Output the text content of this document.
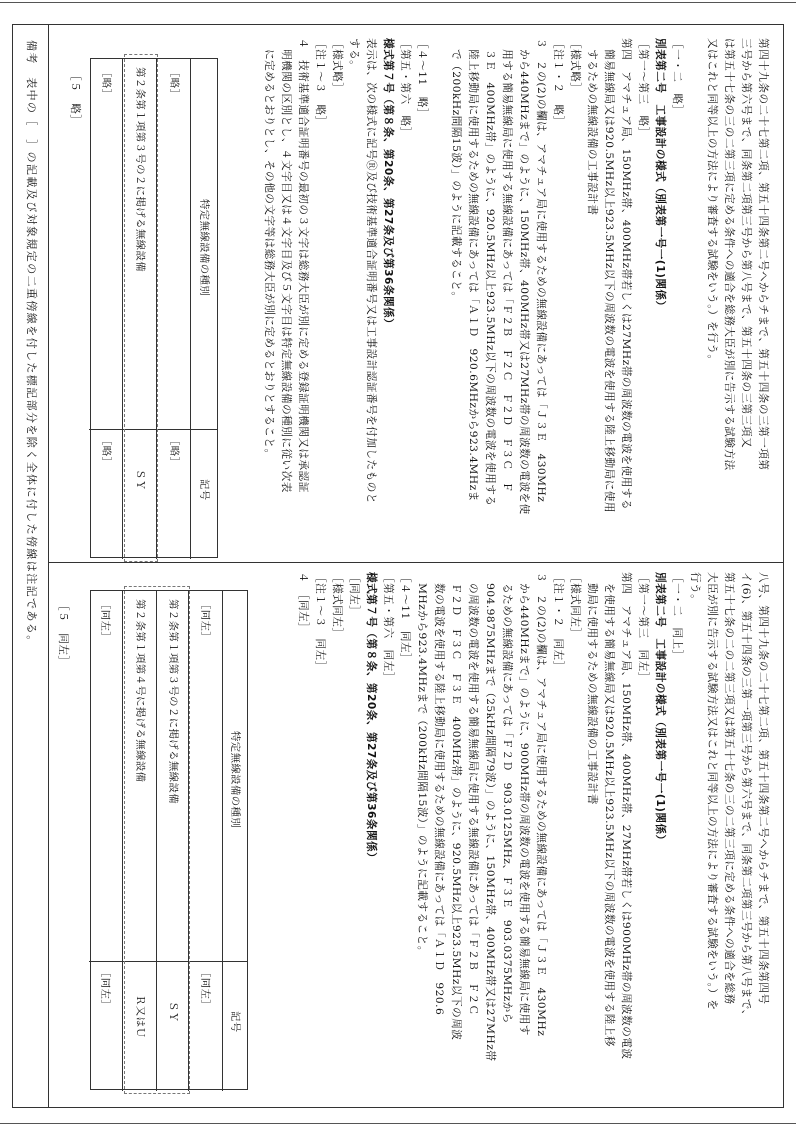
備考　表中の［　］の記載及び対象規定の二重傍線を付した標記部分を除く全体に付した傍線は注記である。	第四十九条の二十七第二項、第五十四条第二号ヘからチまで、第五十四条の三第一項第
三号から第六号まで、同条第二項第三号から第八号まで、第五十四条の三第三項又
は第五十七条の三の二第三項に定める条件への適合を総務大臣が別に告示する試験方法
又はこれと同等以上の方法により審査する試験をいう。）を行う。
［一・二　略］
別表第二号　工事設計の様式（別表第一号一(1)関係）
［第一～第三　略］
第四　アマチュア局、150MHz帯、400MHz帯若しくは27MHz帯の周波数の電波を使用する
　簡易無線局又は920.5MHz以上923.5MHz以下の周波数の電波を使用する陸上移動局に使用
　するための無線設備の工事設計書
［様式略］
［注１・２　略］
３　２の(2)の欄は、アマチュア局に使用するための無線設備にあっては「Ｊ３Ｅ　430MHz
　から440MHzまで」のように、150MHz帯、400MHz帯又は27MHz帯の周波数の電波を使
　用する簡易無線局に使用する無線設備にあっては「Ｆ２Ｂ　Ｆ２Ｃ　Ｆ２Ｄ　Ｆ３Ｃ　Ｆ
　３Ｅ　400MHz帯」のように、920.5MHz以上923.5MHz以下の周波数の電波を使用する
　陸上移動局に使用するための無線設備にあっては「Ａ１Ｄ　920.6MHzから923.4MHzま
　で（200kHz間隔15波）」のように記載すること。
［４～11　略］
［第五・第六　略］
様式第７号（第８条、第20条、第27条及び第36条関係）
表示は、次の様式に記号Ⓡ及び技術基準適合証明番号又は工事設計認証番号を付加したものと
する。
［様式略］
［注１～３　略］
４　技術基準適合証明番号の最初の３文字は総務大臣が別に定める登録証明機関又は承認証
　明機関の区別とし、４文字目又は４文字目及び５文字目は特定無線設備の種別に従い次表
　に定めるとおりとし、その他の文字等は総務大臣が別に定めるとおりとすること。
特定無線設備の種別
記号
［略］
［略］
第２条第１項第３号の２に掲げる無線設備
ＳＹ
［略］
［略］
［５　略］
八号、第四十九条の二十七第二項、第五十四条第二号ヘからチまで、第五十四条第四号
イ(6)、第五十四条の三第一項第三号から第六号まで、同条第二項第三号から第八号まで、
第五十七条の二の二第三項又は第五十七条の三の二第三項に定める条件への適合を総務
大臣が別に告示する試験方法又はこれと同等以上の方法により審査する試験をいう。）を
行う。
［一・二　同上］
別表第二号　工事設計の様式（別表第一号一(1)関係）
［第一～第三　同左］
第四　アマチュア局、150MHz帯、400MHz帯、27MHz帯若しくは900MHz帯の周波数の電波
　を使用する簡易無線局又は920.5MHz以上923.5MHz以下の周波数の電波を使用する陸上移
　動局に使用するための無線設備の工事設計書
［様式同左］
［注１・２　同左］
３　２の(2)の欄は、アマチュア局に使用するための無線設備にあっては「Ｊ３Ｅ　430MHz
　から440MHzまで」のように、900MHz帯の周波数の電波を使用する簡易無線局に使用す
　るための無線設備にあっては「Ｆ２Ｄ　903.0125MHz、Ｆ３Ｅ　903.0375MHzから
　904.9875MHzまで（25kHz間隔79波）」のように、150MHz帯、400MHz帯又は27MHz帯
　の周波数の電波を使用する簡易無線局に使用する無線設備にあっては「Ｆ２Ｂ　Ｆ２Ｃ
　Ｆ２Ｄ　Ｆ３Ｃ　Ｆ３Ｅ　400MHz帯」のように、920.5MHz以上923.5MHz以下の周波
　数の電波を使用する陸上移動局に使用するための無線設備にあっては「Ａ１Ｄ　920.6
　MHzから923.4MHzまで（200kHz間隔15波）」のように記載すること。
［４～11　同左］
［第五・第六　同左］
様式第７号（第８条、第20条、第27条及び第36条関係）
［同左］
［様式同左］
［注１～３　同左］
４　［同左］
特定無線設備の種別
記号
［同左］
［同左］
第２条第１項第３号の２に掲げる無線設備
ＳＹ
第２条第１項第４号に掲げる無線設備
Ｒ又はＵ
［同左］
［同左］
［５　同左］
